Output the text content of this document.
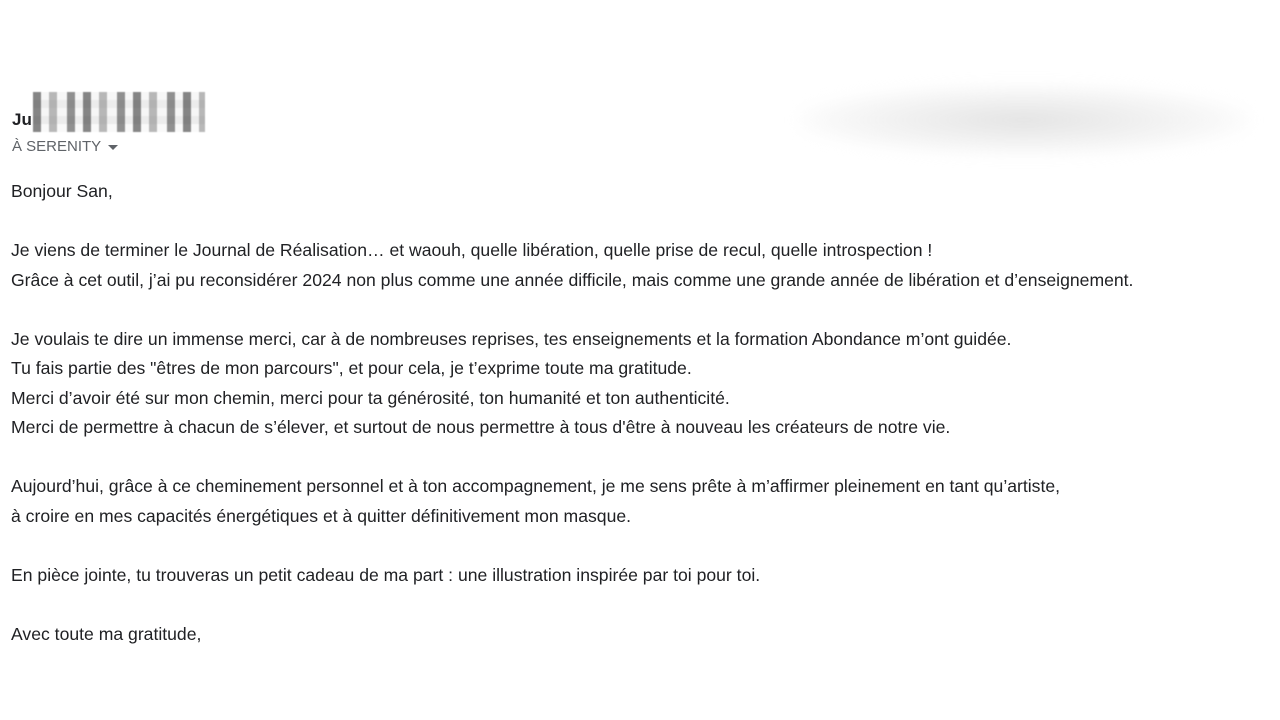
Ju
À SERENITY
Bonjour San,
Je viens de terminer le Journal de Réalisation… et waouh, quelle libération, quelle prise de recul, quelle introspection !
Grâce à cet outil, j’ai pu reconsidérer 2024 non plus comme une année difficile, mais comme une grande année de libération et d’enseignement.
Je voulais te dire un immense merci, car à de nombreuses reprises, tes enseignements et la formation Abondance m’ont guidée.
Tu fais partie des "êtres de mon parcours", et pour cela, je t’exprime toute ma gratitude.
Merci d’avoir été sur mon chemin, merci pour ta générosité, ton humanité et ton authenticité.
Merci de permettre à chacun de s’élever, et surtout de nous permettre à tous d'être à nouveau les créateurs de notre vie.
Aujourd’hui, grâce à ce cheminement personnel et à ton accompagnement, je me sens prête à m’affirmer pleinement en tant qu’artiste,
à croire en mes capacités énergétiques et à quitter définitivement mon masque.
En pièce jointe, tu trouveras un petit cadeau de ma part : une illustration inspirée par toi pour toi.
Avec toute ma gratitude,
